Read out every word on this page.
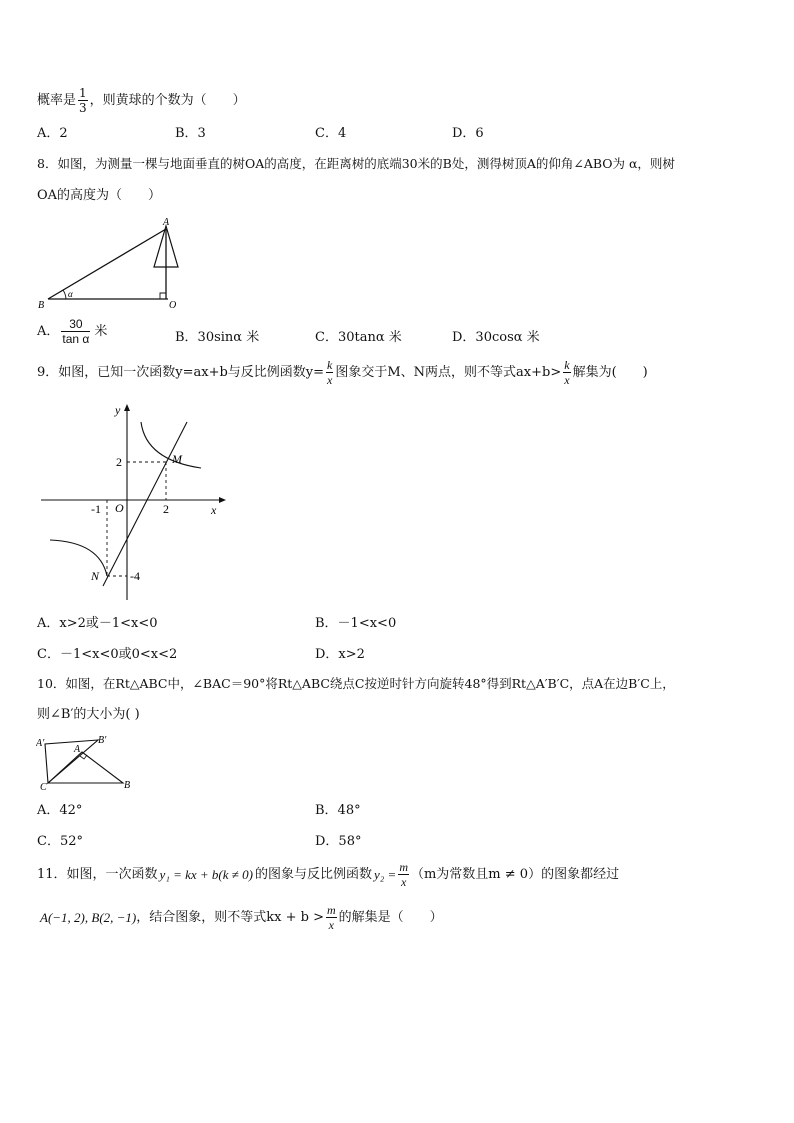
概率是 $\frac{1}{3}$ ，则黄球的个数为（　　）
A．2	B．3	C．4	D．6
8．如图，为测量一棵与地面垂直的树OA的高度，在距离树的底端30米的B处，测得树顶A的仰角∠ABO为 α，则树
OA的高度为（　　）
A
B	O
α
A． $\frac{30}{\text{tan α}}$ 米	B．30sinα 米	C．30tanα 米	D．30cosα 米
9．如图，已知一次函数y=ax+b与反比例函数$y= \frac{k}{x}$ 图象交于M、N两点，则不等式$ax+b> \frac{k}{x}$ 解集为(　　)
y
x
O
M
N
2
2
-1
-4
A．x>2或－1<x<0	B．－1<x<0
C．－1<x<0或0<x<2	D．x>2
10．如图，在Rt△ABC中，∠BAC＝90°将Rt△ABC绕点C按逆时针方向旋转48°得到Rt△A′B′C，点A在边B′C上，
则∠B′的大小为( )
A′	B′
A
B
C
A．42°	B．48°
C．52°	D．58°
11．如图，一次函数 y₁ = kx + b(k ≠ 0) 的图象与反比例函数 $y_2 = \frac{m}{x} (m$为常数且m ≠ 0）的图象都经过
A(−1, 2), B(2, −1)，结合图象，则不等式kx + $b > \frac{m}{x}$ 的解集是（　　）
